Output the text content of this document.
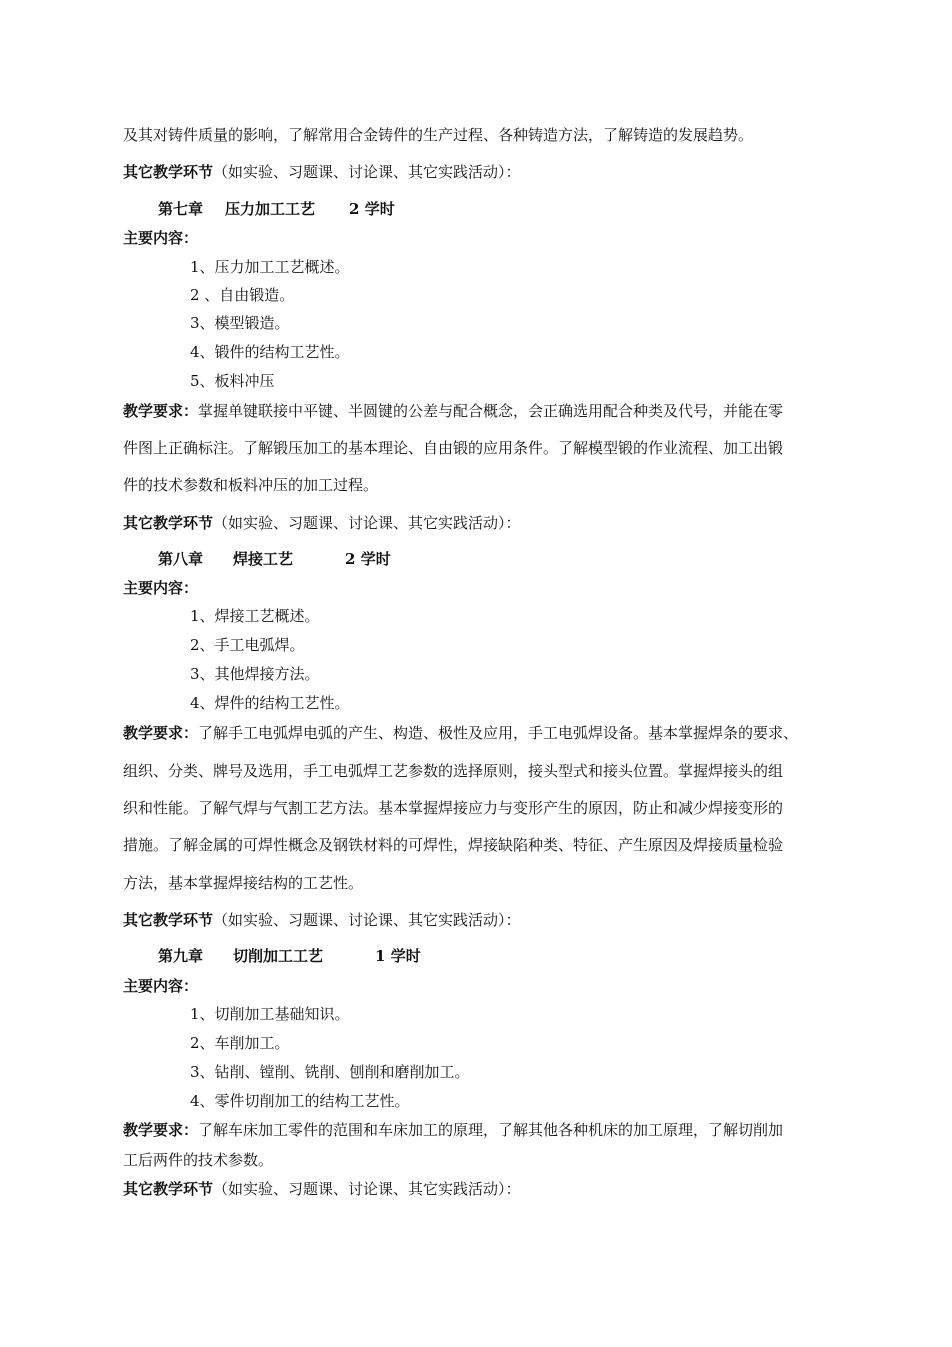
及其对铸件质量的影响，了解常用合金铸件的生产过程、各种铸造方法，了解铸造的发展趋势。
其它教学环节（如实验、习题课、讨论课、其它实践活动）：
第七章 压力加工工艺 2 学时
主要内容：
1、压力加工工艺概述。
2 、自由锻造。
3、模型锻造。
4、锻件的结构工艺性。
5、板料冲压
教学要求：掌握单键联接中平键、半圆键的公差与配合概念，会正确选用配合种类及代号，并能在零
件图上正确标注。了解锻压加工的基本理论、自由锻的应用条件。了解模型锻的作业流程、加工出锻
件的技术参数和板料冲压的加工过程。
其它教学环节（如实验、习题课、讨论课、其它实践活动）：
第八章 焊接工艺	2 学时
主要内容：
1、焊接工艺概述。
2、手工电弧焊。
3、其他焊接方法。
4、焊件的结构工艺性。
教学要求：了解手工电弧焊电弧的产生、构造、极性及应用，手工电弧焊设备。基本掌握焊条的要求、
组织、分类、牌号及选用，手工电弧焊工艺参数的选择原则，接头型式和接头位置。掌握焊接头的组
织和性能。了解气焊与气割工艺方法。基本掌握焊接应力与变形产生的原因，防止和减少焊接变形的
措施。了解金属的可焊性概念及钢铁材料的可焊性，焊接缺陷种类、特征、产生原因及焊接质量检验
方法，基本掌握焊接结构的工艺性。
其它教学环节（如实验、习题课、讨论课、其它实践活动）：
第九章 切削加工工艺	1 学时
主要内容：
1、切削加工基础知识。
2、车削加工。
3、钻削、镗削、铣削、刨削和磨削加工。
4、零件切削加工的结构工艺性。
教学要求：了解车床加工零件的范围和车床加工的原理，了解其他各种机床的加工原理，了解切削加
工后两件的技术参数。
其它教学环节（如实验、习题课、讨论课、其它实践活动）：
